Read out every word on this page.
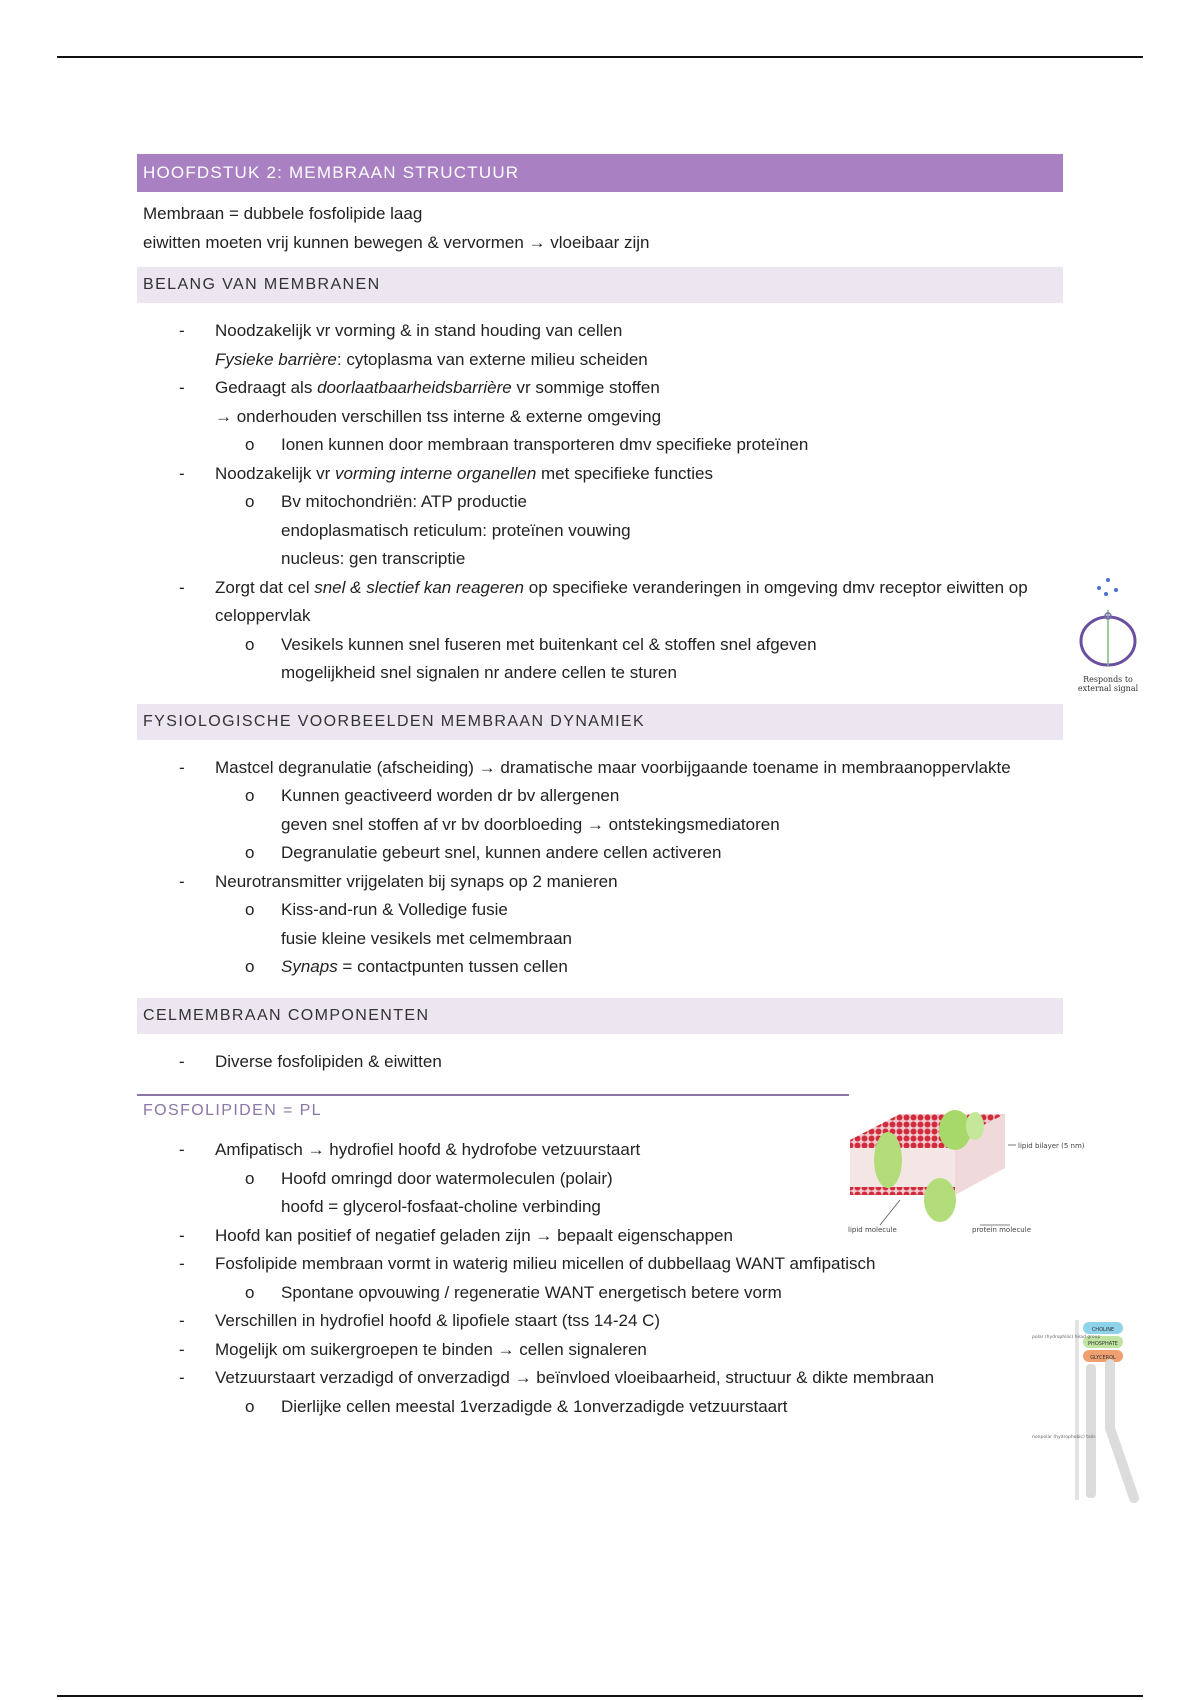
HOOFDSTUK 2: MEMBRAAN STRUCTUUR
Membraan = dubbele fosfolipide laag
eiwitten moeten vrij kunnen bewegen & vervormen → vloeibaar zijn
BELANG VAN MEMBRANEN
- Noodzakelijk vr vorming & in stand houding van cellen
Fysieke barrière: cytoplasma van externe milieu scheiden
- Gedraagt als doorlaatbaarheidsbarrière vr sommige stoffen
→ onderhouden verschillen tss interne & externe omgeving
o Ionen kunnen door membraan transporteren dmv specifieke proteïnen
- Noodzakelijk vr vorming interne organellen met specifieke functies
o Bv mitochondriën: ATP productie
endoplasmatisch reticulum: proteïnen vouwing
nucleus: gen transcriptie
- Zorgt dat cel snel & slectief kan reageren op specifieke veranderingen in omgeving dmv receptor eiwitten op celoppervlak
o Vesikels kunnen snel fuseren met buitenkant cel & stoffen snel afgeven
mogelijkheid snel signalen nr andere cellen te sturen
FYSIOLOGISCHE VOORBEELDEN MEMBRAAN DYNAMIEK
- Mastcel degranulatie (afscheiding) → dramatische maar voorbijgaande toename in membraanoppervlakte
o Kunnen geactiveerd worden dr bv allergenen
geven snel stoffen af vr bv doorbloeding → ontstekingsmediatoren
o Degranulatie gebeurt snel, kunnen andere cellen activeren
- Neurotransmitter vrijgelaten bij synaps op 2 manieren
o Kiss-and-run & Volledige fusie
fusie kleine vesikels met celmembraan
o Synaps = contactpunten tussen cellen
CELMEMBRAAN COMPONENTEN
- Diverse fosfolipiden & eiwitten
FOSFOLIPIDEN = PL
- Amfipatisch → hydrofiel hoofd & hydrofobe vetzuurstaart
o Hoofd omringd door watermoleculen (polair)
hoofd = glycerol-fosfaat-choline verbinding
- Hoofd kan positief of negatief geladen zijn → bepaalt eigenschappen
- Fosfolipide membraan vormt in waterig milieu micellen of dubbellaag WANT amfipatisch
o Spontane opvouwing / regeneratie WANT energetisch betere vorm
- Verschillen in hydrofiel hoofd & lipofiele staart (tss 14-24 C)
- Mogelijk om suikergroepen te binden → cellen signaleren
- Vetzuurstaart verzadigd of onverzadigd → beïnvloed vloeibaarheid, structuur & dikte membraan
o Dierlijke cellen meestal 1verzadigde & 1onverzadigde vetzuurstaart
Responds to external signal
lipid bilayer (5 nm)
lipid molecule	protein molecule
CHOLINE
PHOSPHATE
GLYCEROL
polar (hydrophilic) head group
nonpolar (hydrophobic) tails
